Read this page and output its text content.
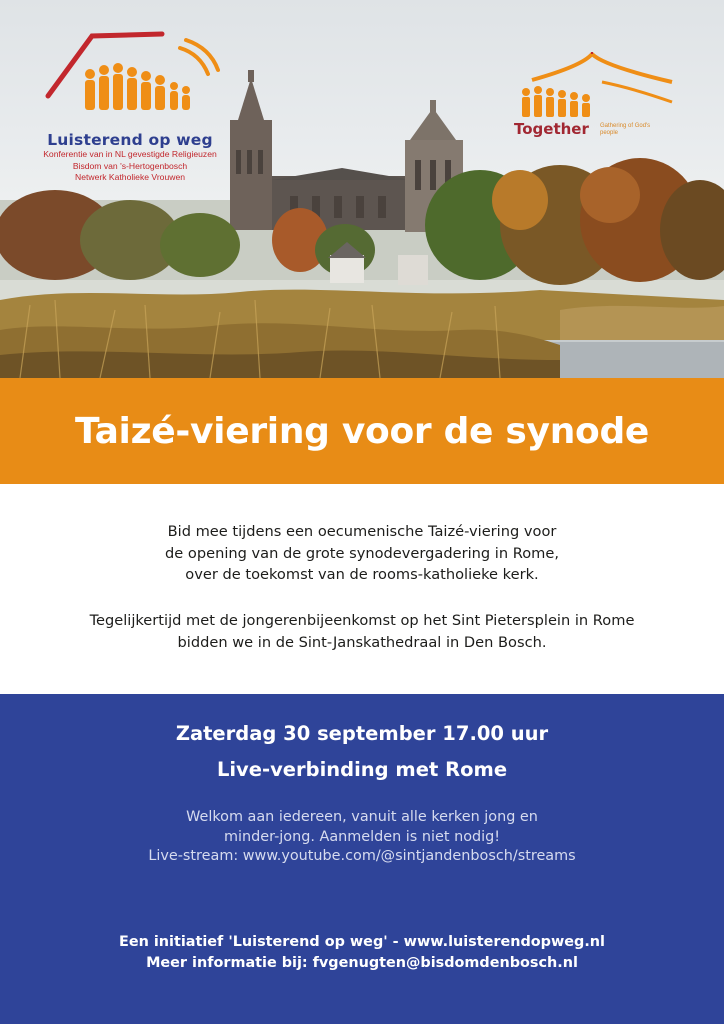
Luisterend op weg
Konferentie van in NL gevestigde Religieuzen
Bisdom van 's-Hertogenbosch
Netwerk Katholieke Vrouwen
Together Gathering of God's people
Taizé-viering voor de synode
Bid mee tijdens een oecumenische Taizé-viering voor
de opening van de grote synodevergadering in Rome,
over de toekomst van de rooms-katholieke kerk.
Tegelijkertijd met de jongerenbijeenkomst op het Sint Pietersplein in Rome
bidden we in de Sint-Janskathedraal in Den Bosch.
Zaterdag 30 september 17.00 uur
Live-verbinding met Rome
Welkom aan iedereen, vanuit alle kerken jong en
minder-jong. Aanmelden is niet nodig!
Live-stream: www.youtube.com/@sintjandenbosch/streams
Een initiatief 'Luisterend op weg' - www.luisterendopweg.nl
Meer informatie bij: fvgenugten@bisdomdenbosch.nl
